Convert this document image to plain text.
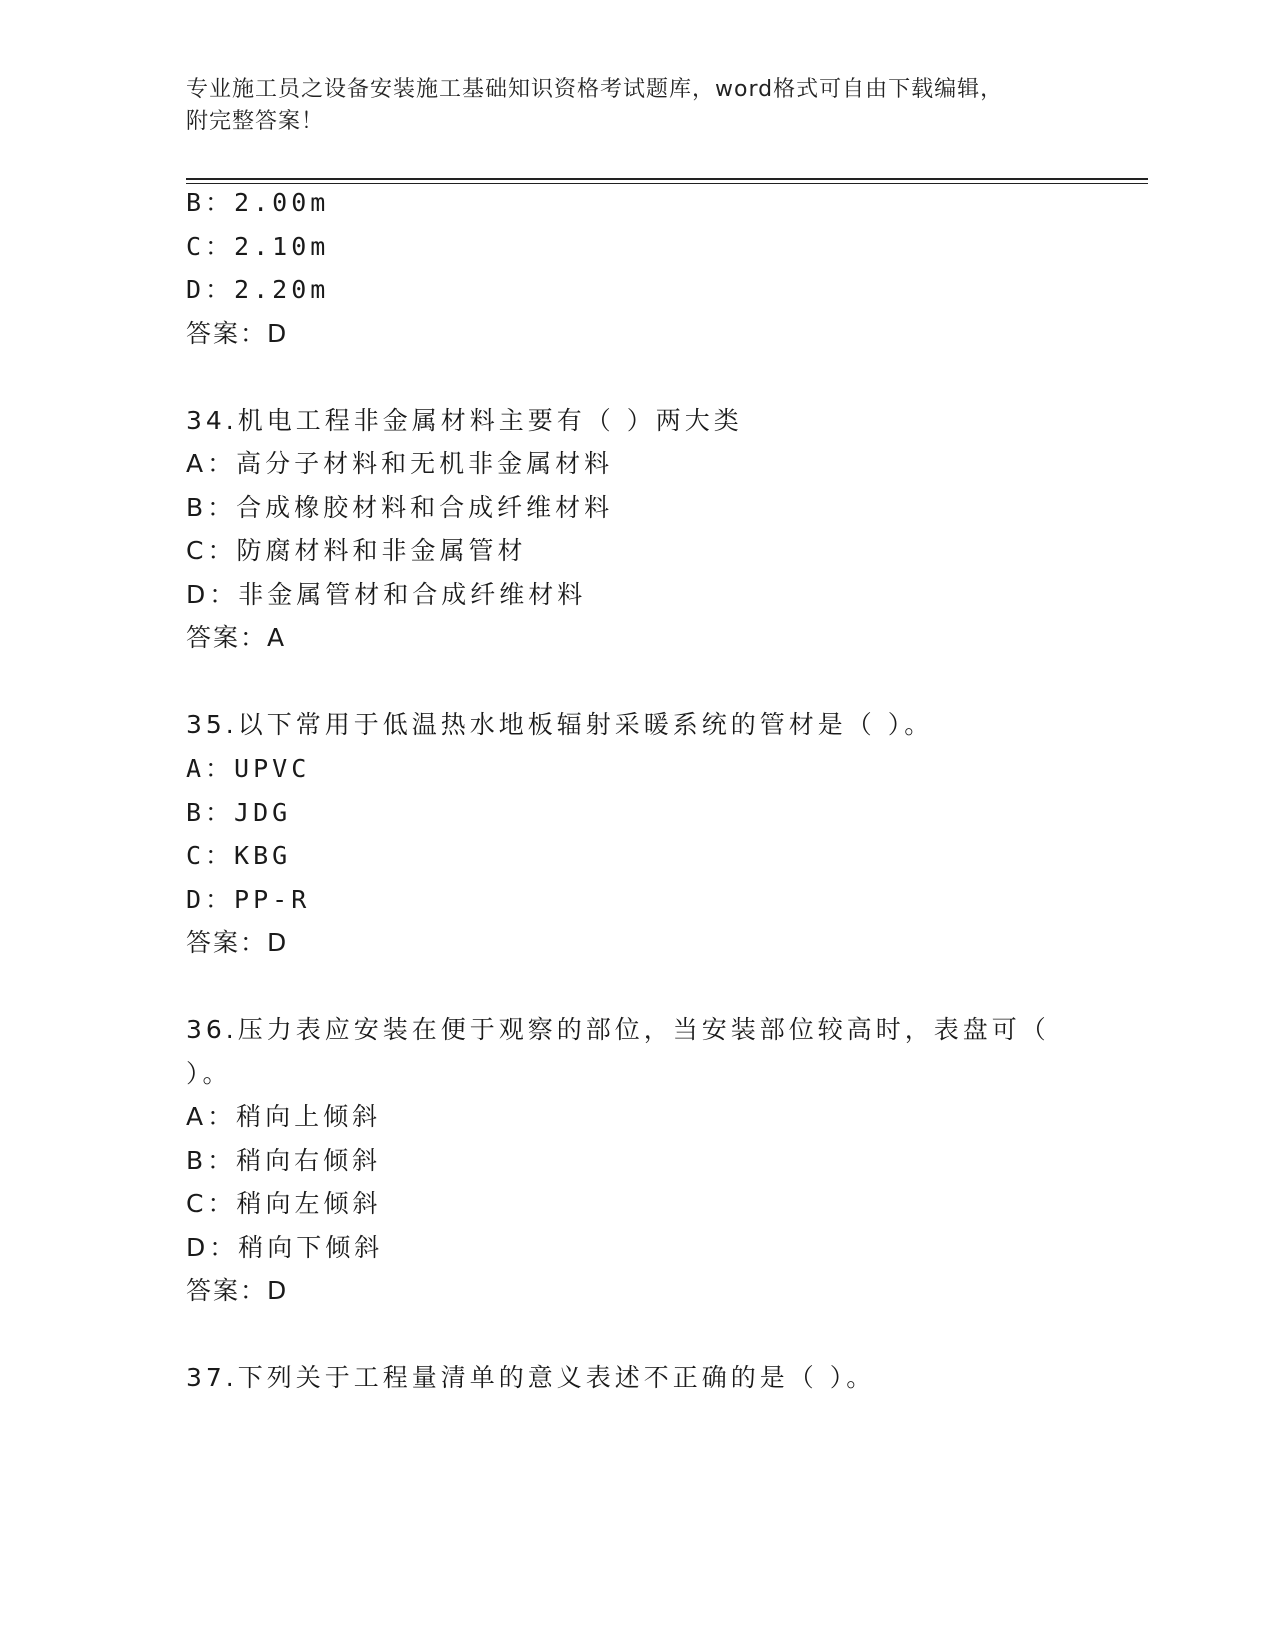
专业施工员之设备安装施工基础知识资格考试题库，word格式可自由下载编辑，
附完整答案！
B：2.00m
C：2.10m
D：2.20m
答案：D
34.机电工程非金属材料主要有（ ）两大类
A：高分子材料和无机非金属材料
B：合成橡胶材料和合成纤维材料
C：防腐材料和非金属管材
D：非金属管材和合成纤维材料
答案：A
35.以下常用于低温热水地板辐射采暖系统的管材是（ ）。
A：UPVC
B：JDG
C：KBG
D：PP-R
答案：D
36.压力表应安装在便于观察的部位，当安装部位较高时，表盘可（
）。
A：稍向上倾斜
B：稍向右倾斜
C：稍向左倾斜
D：稍向下倾斜
答案：D
37.下列关于工程量清单的意义表述不正确的是（ ）。
